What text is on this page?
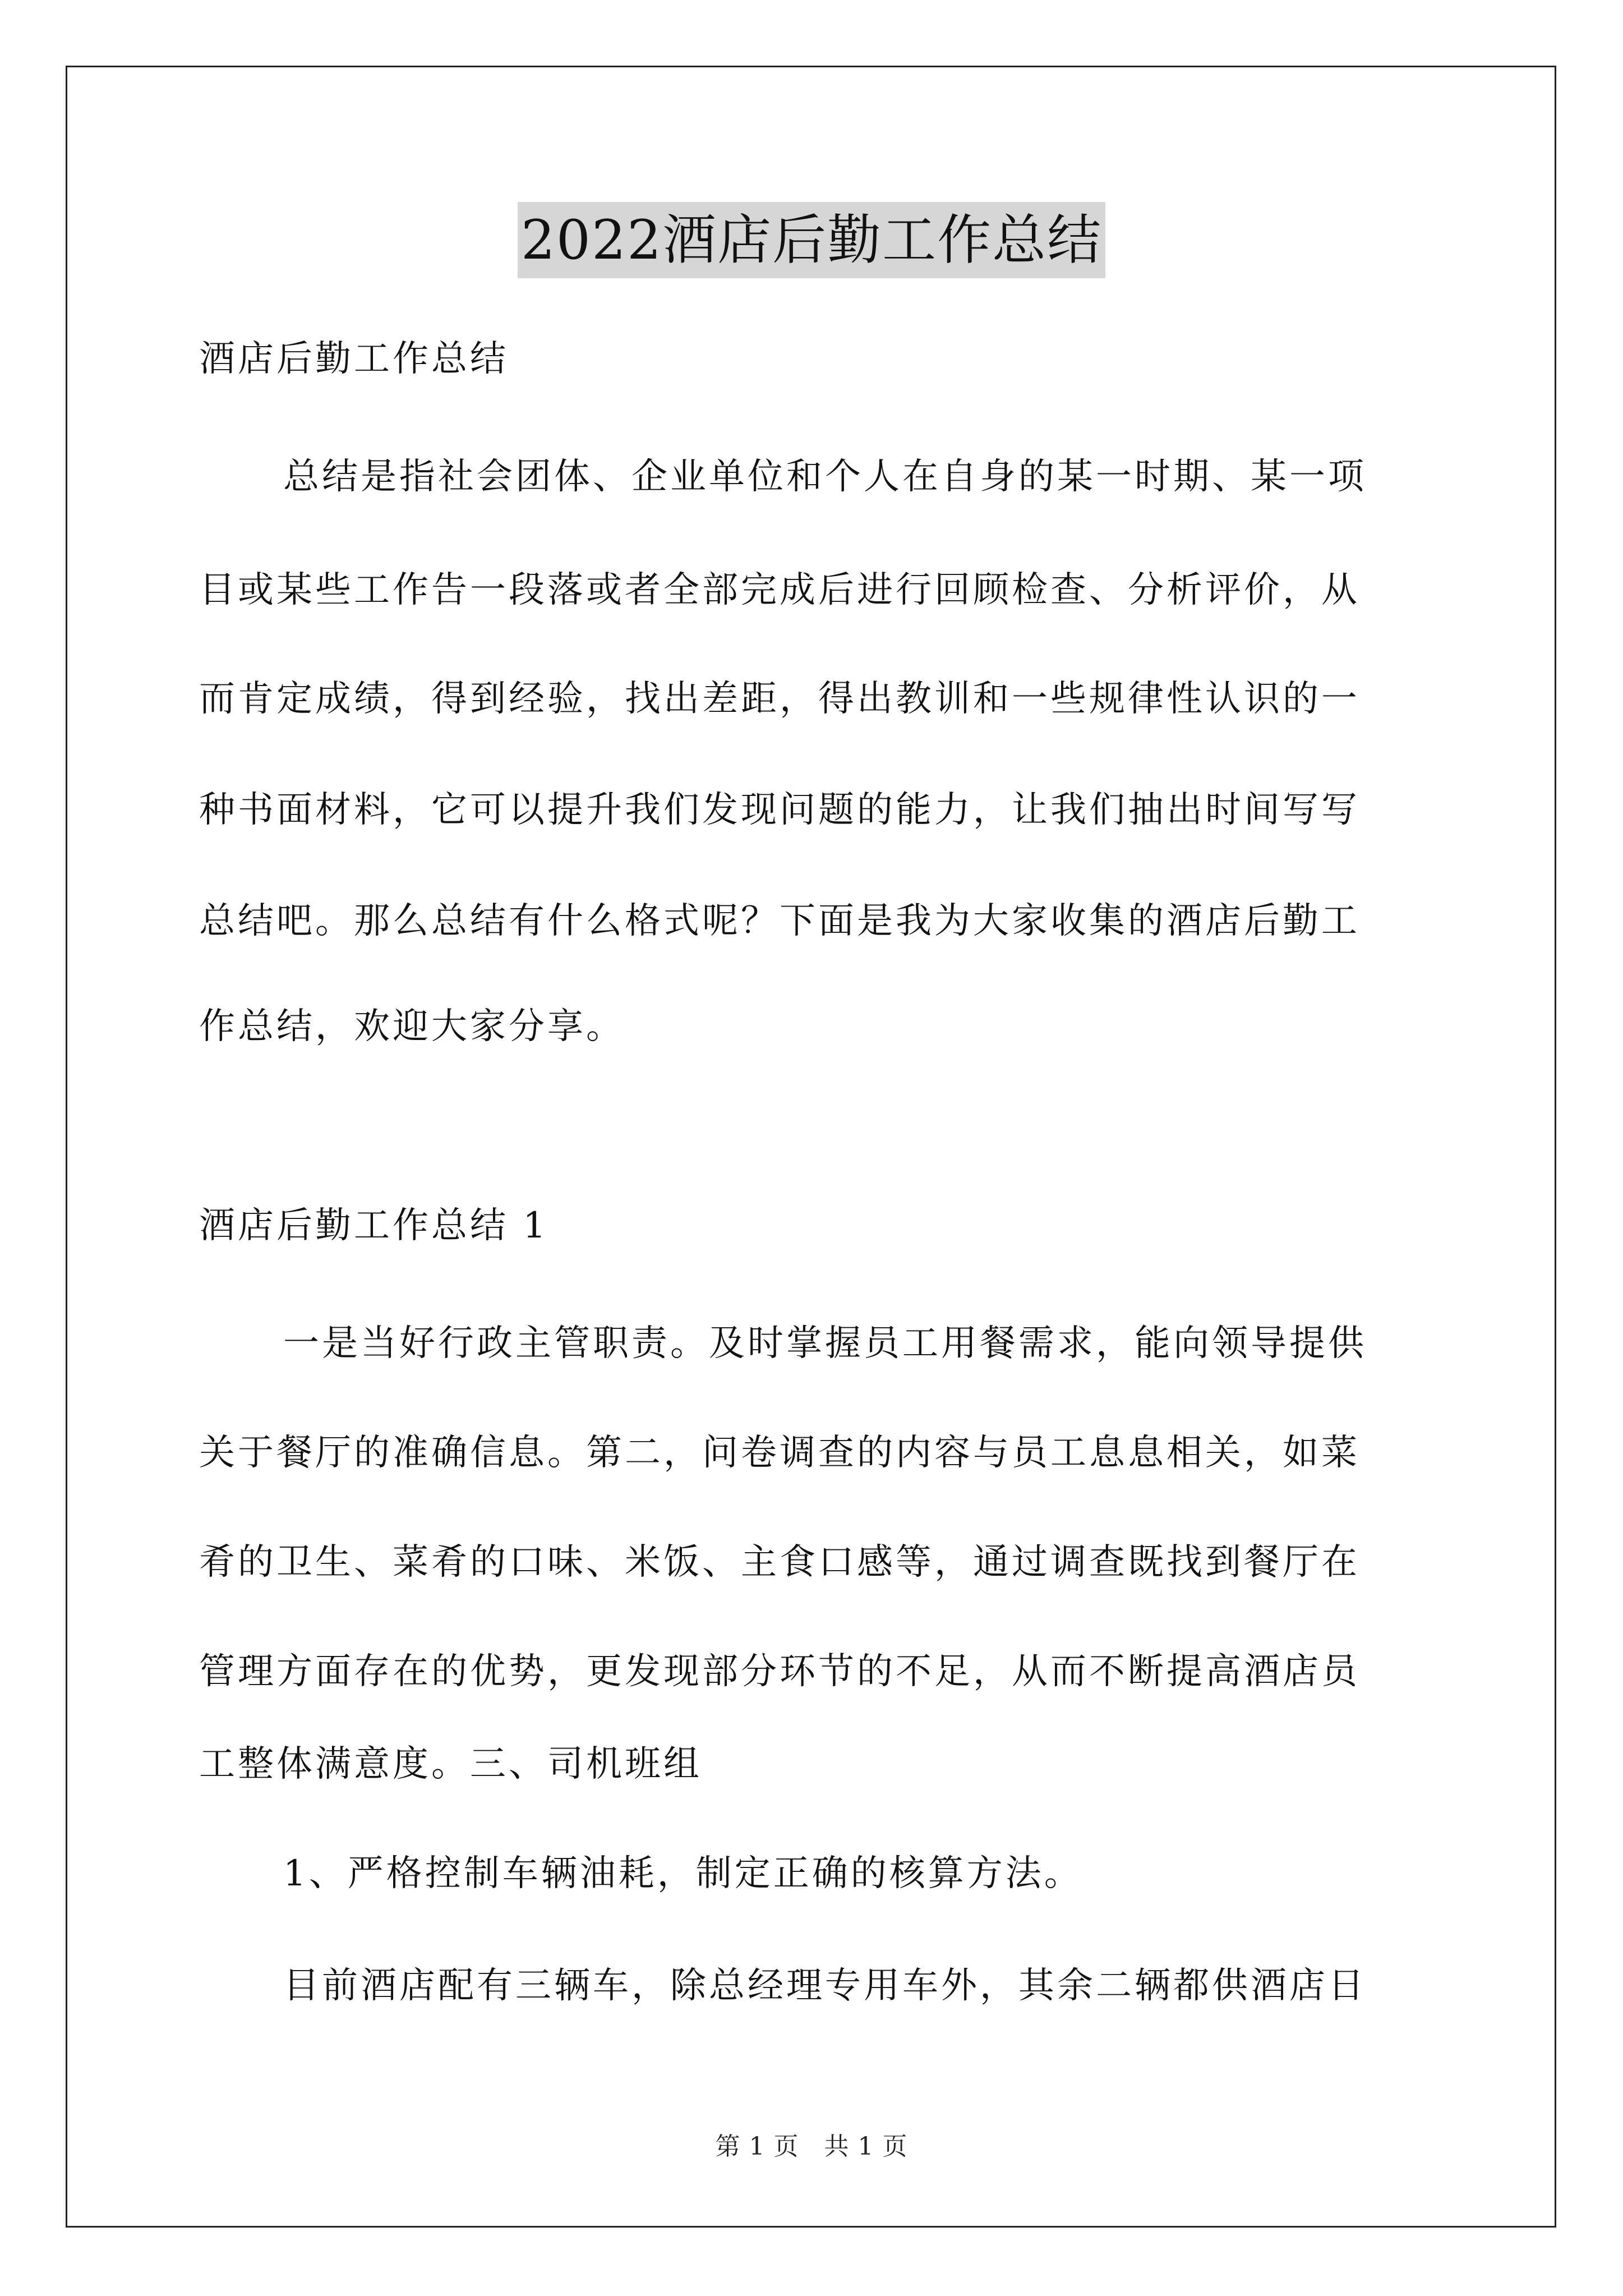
2022酒店后勤工作总结
酒店后勤工作总结
总结是指社会团体、企业单位和个人在自身的某一时期、某一项
目或某些工作告一段落或者全部完成后进行回顾检查、分析评价，从
而肯定成绩，得到经验，找出差距，得出教训和一些规律性认识的一
种书面材料，它可以提升我们发现问题的能力，让我们抽出时间写写
总结吧。那么总结有什么格式呢？下面是我为大家收集的酒店后勤工
作总结，欢迎大家分享。
酒店后勤工作总结 1
一是当好行政主管职责。及时掌握员工用餐需求，能向领导提供
关于餐厅的准确信息。第二，问卷调查的内容与员工息息相关，如菜
肴的卫生、菜肴的口味、米饭、主食口感等，通过调查既找到餐厅在
管理方面存在的优势，更发现部分环节的不足，从而不断提高酒店员
工整体满意度。三、司机班组
1、严格控制车辆油耗，制定正确的核算方法。
目前酒店配有三辆车，除总经理专用车外，其余二辆都供酒店日
第 1 页　共 1 页
